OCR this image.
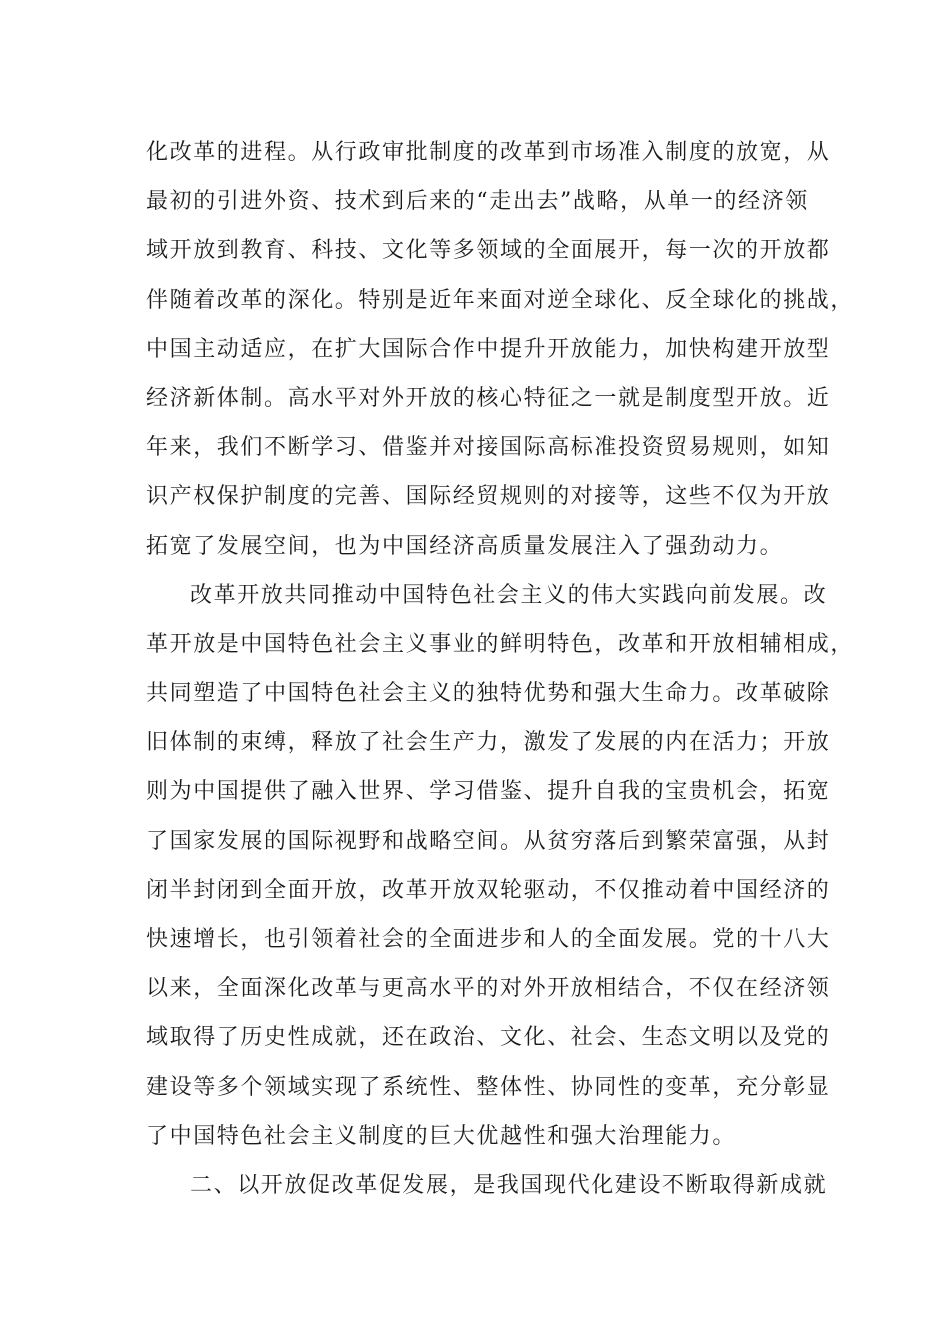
化改革的进程。从行政审批制度的改革到市场准入制度的放宽，从
最初的引进外资、技术到后来的“走出去”战略，从单一的经济领
域开放到教育、科技、文化等多领域的全面展开，每一次的开放都
伴随着改革的深化。特别是近年来面对逆全球化、反全球化的挑战，
中国主动适应，在扩大国际合作中提升开放能力，加快构建开放型
经济新体制。高水平对外开放的核心特征之一就是制度型开放。近
年来，我们不断学习、借鉴并对接国际高标准投资贸易规则，如知
识产权保护制度的完善、国际经贸规则的对接等，这些不仅为开放
拓宽了发展空间，也为中国经济高质量发展注入了强劲动力。
改革开放共同推动中国特色社会主义的伟大实践向前发展。改
革开放是中国特色社会主义事业的鲜明特色，改革和开放相辅相成，
共同塑造了中国特色社会主义的独特优势和强大生命力。改革破除
旧体制的束缚，释放了社会生产力，激发了发展的内在活力；开放
则为中国提供了融入世界、学习借鉴、提升自我的宝贵机会，拓宽
了国家发展的国际视野和战略空间。从贫穷落后到繁荣富强，从封
闭半封闭到全面开放，改革开放双轮驱动，不仅推动着中国经济的
快速增长，也引领着社会的全面进步和人的全面发展。党的十八大
以来，全面深化改革与更高水平的对外开放相结合，不仅在经济领
域取得了历史性成就，还在政治、文化、社会、生态文明以及党的
建设等多个领域实现了系统性、整体性、协同性的变革，充分彰显
了中国特色社会主义制度的巨大优越性和强大治理能力。
二、以开放促改革促发展，是我国现代化建设不断取得新成就
